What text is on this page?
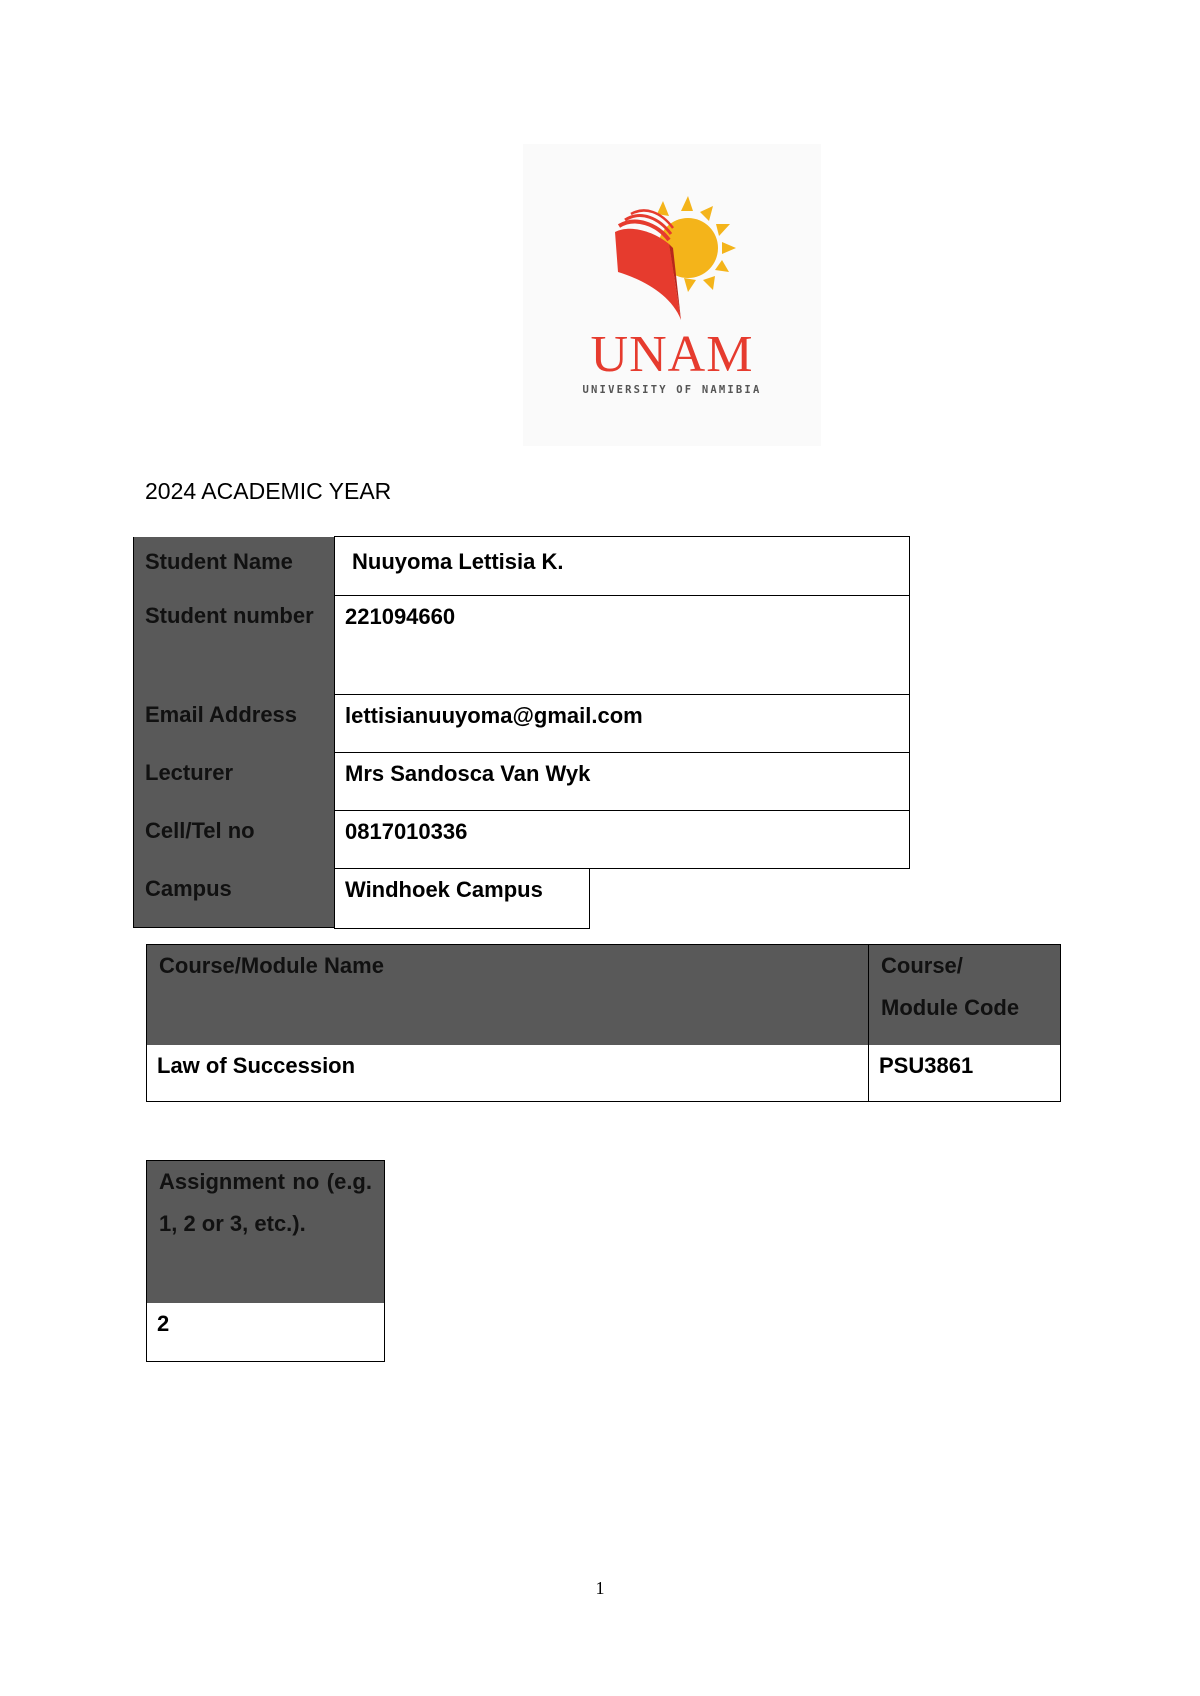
UNAM
UNIVERSITY OF NAMIBIA
2024 ACADEMIC YEAR
Student Name
Student number
Email Address
Lecturer
Cell/Tel no
Campus
Nuuyoma Lettisia K.
221094660
lettisianuuyoma@gmail.com
Mrs Sandosca Van Wyk
0817010336
Windhoek Campus
Course/Module Name	Course/
Module Code
Law of Succession	PSU3861
Assignment no (e.g. 1, 2 or 3, etc.).
2
1
